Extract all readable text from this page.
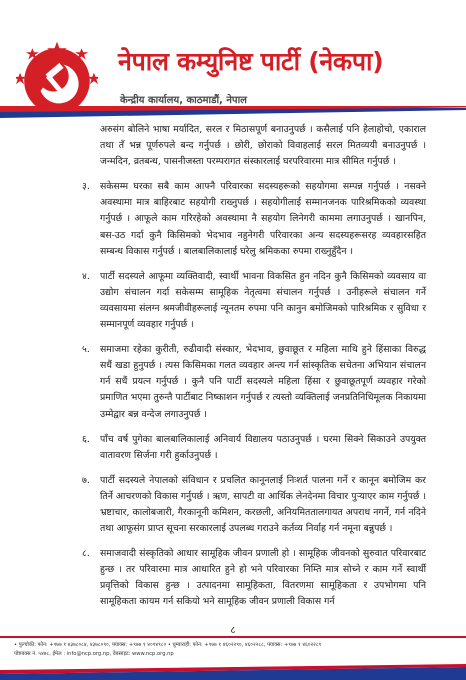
नेपाल कम्युनिष्ट पार्टी (नेकपा)
केन्द्रीय कार्यालय, काठमाडौं, नेपाल
अरुसंग बोलिने भाषा मर्यादित, सरल र मिठासपूर्ण बनाउनुपर्छ । कसैलाई पनि हेलाहोचो, एकाराल तथा तँ भन्न पूर्णरुपले बन्द गर्नुपर्छ । छोरी, छोराको विवाहलाई सरल मितव्ययी बनाउनुपर्छ । जन्मदिन, व्रतबन्ध, पासनीजस्ता परम्परागत संस्कारलाई घरपरिवारमा मात्र सीमित गर्नुपर्छ ।
३. सकेसम्म घरका सबै काम आफ्नै परिवारका सदस्यहरूको सहयोगमा सम्पन्न गर्नुपर्छ । नसक्ने अवस्थामा मात्र बाहिरबाट सहयोगी राख्नुपर्छ । सहयोगीलाई सम्मानजनक पारिश्रमिकको व्यवस्था गर्नुपर्छ । आफूले काम गरिरहेको अवस्थामा नै सहयोग लिनेगरी काममा लगाउनुपर्छ । खानपिन, बस-उठ गर्दा कुनै किसिमको भेदभाव नहुनेगरी परिवारका अन्य सदस्यहरूसरह व्यवहारसहित सम्बन्ध विकास गर्नुपर्छ । बालबालिकालाई घरेलु श्रमिकका रुपमा राख्नुहुँदैन ।
४. पार्टी सदस्यले आफूमा व्यक्तिवादी, स्वार्थी भावना विकसित हुन नदिन कुनै किसिमको व्यवसाय वा उद्योग संचालन गर्दा सकेसम्म सामूहिक नेतृत्वमा संचालन गर्नुपर्छ । उनीहरूले संचालन गर्ने व्यवसायमा संलग्न श्रमजीवीहरूलाई न्यूनतम रुपमा पनि कानुन बमोजिमको पारिश्रमिक र सुविधा र सम्मानपूर्ण व्यवहार गर्नुपर्छ ।
५. समाजमा रहेका कुरीती, रुढीवादी संस्कार, भेदभाव, छुवाछूत र महिला माथि हुने हिंसाका विरुद्ध सधैं खडा हुनुपर्छ । त्यस किसिमका गलत व्यवहार अन्त्य गर्न सांस्कृतिक सचेतना अभियान संचालन गर्न सधैं प्रयत्न गर्नुपर्छ । कुनै पनि पार्टी सदस्यले महिला हिंसा र छुवाछूतपूर्ण व्यवहार गरेको प्रमाणित भएमा तुरुन्तै पार्टीबाट निष्काशन गर्नुपर्छ र त्यस्तो व्यक्तिलाई जनप्रतिनिधिमूलक निकायमा उम्मेद्वार बन्न वन्देज लगाउनुपर्छ ।
६. पाँच वर्ष पुगेका बालबालिकालाई अनिवार्य विद्यालय पठाउनुपर्छ । घरमा सिक्ने सिकाउने उपयुक्त वातावरण सिर्जना गरी हुर्काउनुपर्छ ।
७. पार्टी सदस्यले नेपालको संविधान र प्रचलित कानूनलाई निःशर्त पालना गर्ने र कानून बमोजिम कर तिर्ने आचरणको विकास गर्नुपर्छ । ऋण, सापटी वा आर्थिक लेनदेनमा विचार पुऱ्याएर काम गर्नुपर्छ । भ्रष्टाचार, कालोबजारी, गैरकानूनी कमिशन, करछली, अनियमिततालगायत अपराध नगर्ने, गर्न नदिने तथा आफूसंग प्राप्त सूचना सरकारलाई उपलब्ध गराउने कर्तव्य निर्वाह गर्न नमूना बन्नुपर्छ ।
८. समाजवादी संस्कृतिको आधार सामूहिक जीवन प्रणाली हो । सामूहिक जीवनको सुरुवात परिवारबाट हुन्छ । तर परिवारमा मात्र आधारित हुने हो भने परिवारका निम्ति मात्र सोच्ने र काम गर्ने स्वार्थी प्रवृत्तिको विकास हुन्छ । उत्पादनमा सामूहिकता, वितरणमा सामूहिकता र उपभोगमा पनि सामूहिकता कायम गर्न सकियो भने सामूहिक जीवन प्रणाली विकास गर्न
८
• पुल्चोकी: फोन: +९७७ १ ४३७८०८४, ४३७८०९०, फ्याक्स: +९७७ १ ४०१४९८० • धुम्बाराही: फोन: +९७७ १ ४६०२२९०, ४६०२२८८, फ्याक्स: +९७७ १ ४६०२२८९
पोष्टबक्स नं. ५४७८, ईमेल : info@ncp.org.np, वेबसाइट: www.ncp.org.np
